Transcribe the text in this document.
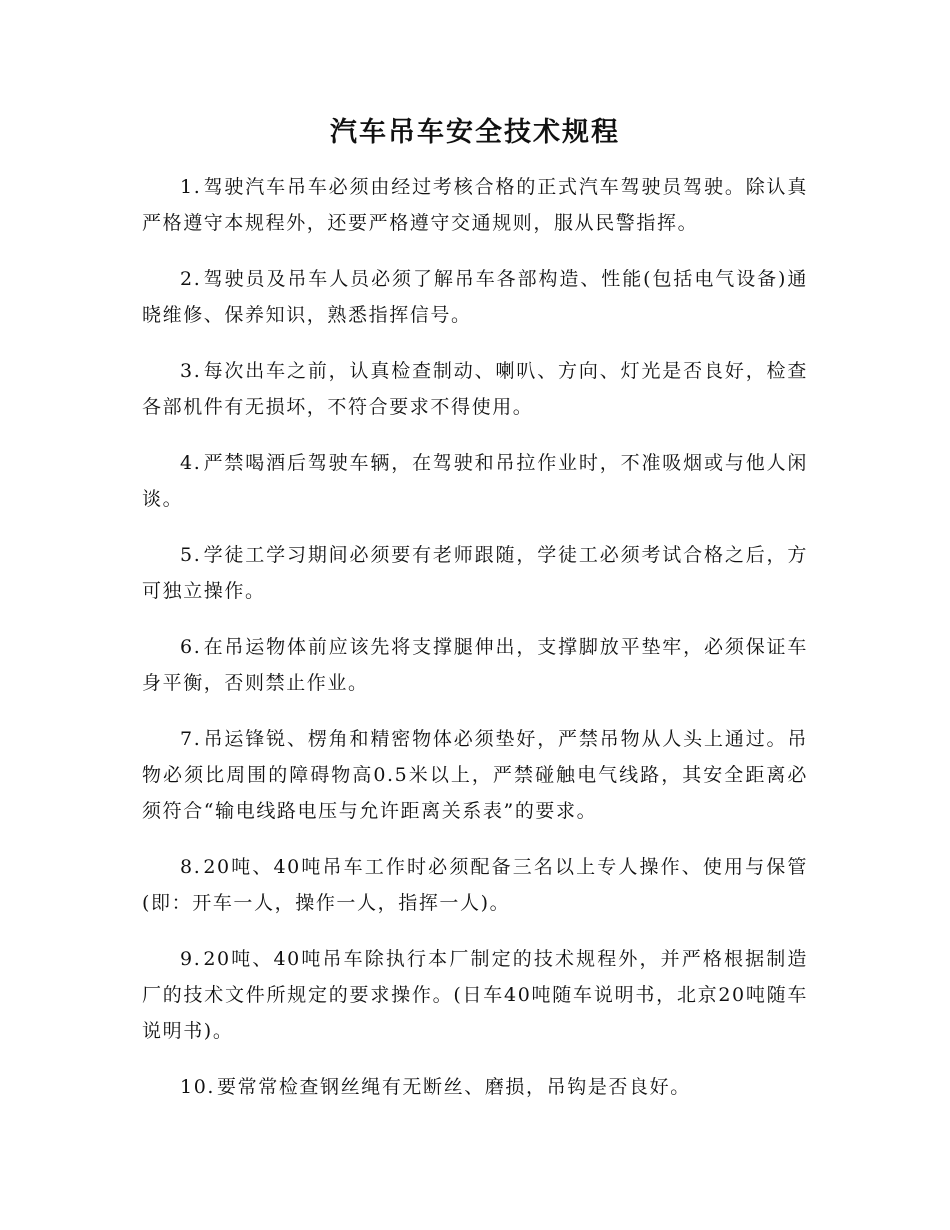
汽车吊车安全技术规程

1. 驾驶汽车吊车必须由经过考核合格的正式汽车驾驶员驾驶。除认真严格遵守本规程外，还要严格遵守交通规则，服从民警指挥。

2. 驾驶员及吊车人员必须了解吊车各部构造、性能(包括电气设备)通晓维修、保养知识，熟悉指挥信号。

3. 每次出车之前，认真检查制动、喇叭、方向、灯光是否良好，检查各部机件有无损坏，不符合要求不得使用。

4. 严禁喝酒后驾驶车辆，在驾驶和吊拉作业时，不准吸烟或与他人闲谈。

5. 学徒工学习期间必须要有老师跟随，学徒工必须考试合格之后，方可独立操作。

6. 在吊运物体前应该先将支撑腿伸出，支撑脚放平垫牢，必须保证车身平衡，否则禁止作业。

7. 吊运锋锐、楞角和精密物体必须垫好，严禁吊物从人头上通过。吊物必须比周围的障碍物高0.5米以上，严禁碰触电气线路，其安全距离必须符合“输电线路电压与允许距离关系表”的要求。

8. 20吨、40吨吊车工作时必须配备三名以上专人操作、使用与保管(即：开车一人，操作一人，指挥一人)。

9. 20吨、40吨吊车除执行本厂制定的技术规程外，并严格根据制造厂的技术文件所规定的要求操作。(日车40吨随车说明书，北京20吨随车说明书)。

10. 要常常检查钢丝绳有无断丝、磨损，吊钩是否良好。
